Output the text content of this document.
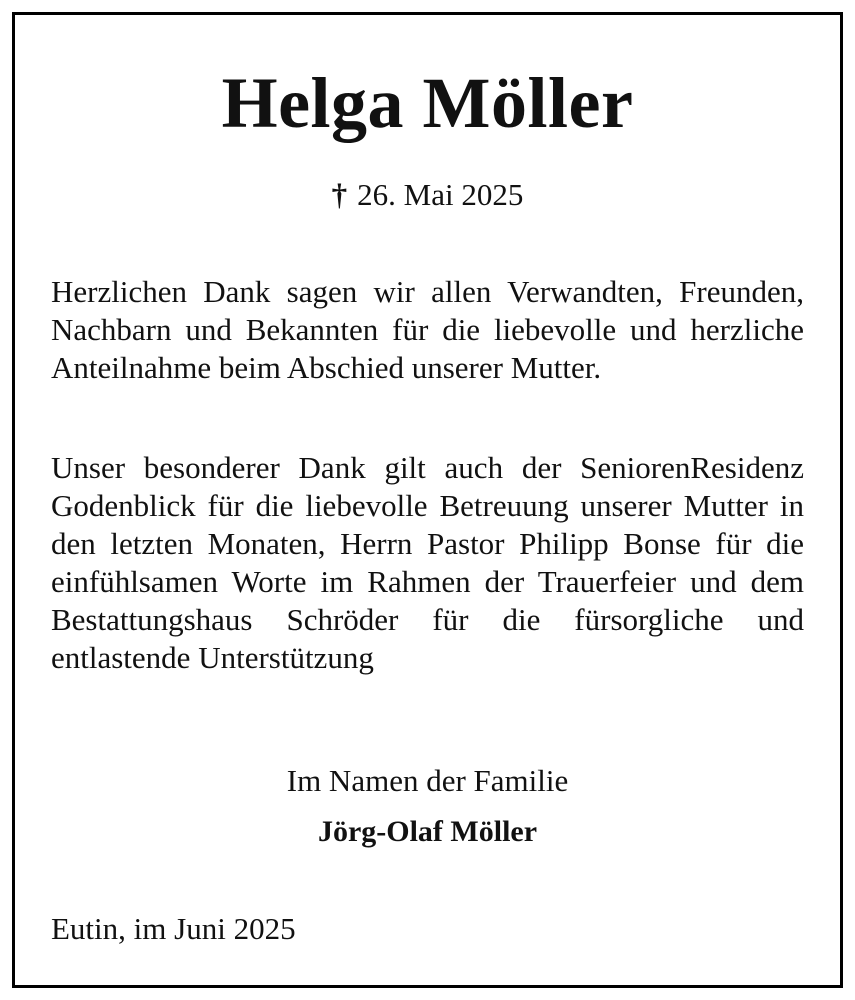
Helga Möller
† 26. Mai 2025

Herzlichen Dank sagen wir allen Verwandten, Freunden, Nachbarn und Bekannten für die liebevolle und herzliche Anteilnahme beim Abschied unserer Mutter.

Unser besonderer Dank gilt auch der SeniorenResidenz Godenblick für die liebevolle Betreuung unserer Mutter in den letzten Monaten, Herrn Pastor Philipp Bonse für die einfühlsamen Worte im Rahmen der Trauerfeier und dem Bestattungshaus Schröder für die fürsorgliche und entlastende Unterstützung

Im Namen der Familie
Jörg-Olaf Möller
Eutin, im Juni 2025
